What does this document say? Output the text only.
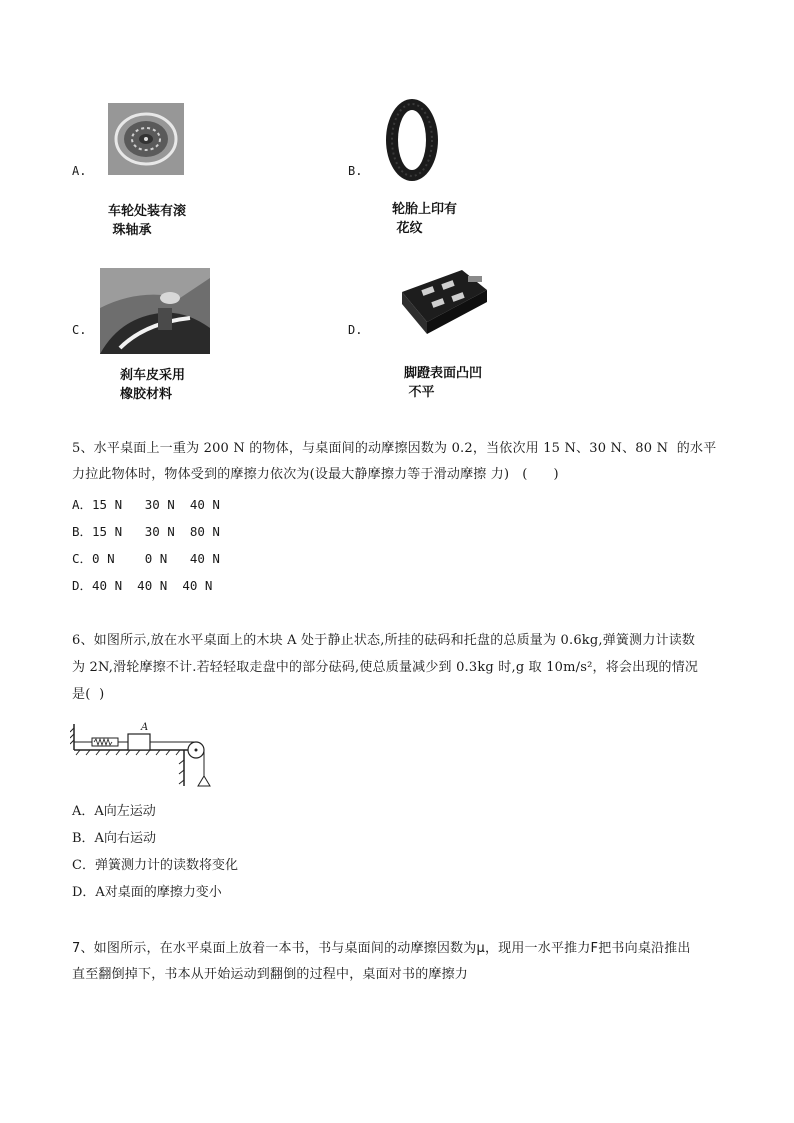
A.
车轮处装有滚
珠轴承
B.
轮胎上印有
花纹
C.
刹车皮采用
橡胶材料
D.
脚蹬表面凸凹
不平
5、水平桌面上一重为 200 N 的物体，与桌面间的动摩擦因数为 0.2，当依次用 15 N、30 N、80 N  的水平
力拉此物体时，物体受到的摩擦力依次为(设最大静摩擦力等于滑动摩擦 力)   (      )
A．15 N   30 N  40 N
B．15 N   30 N  80 N
C．0 N    0 N   40 N
D．40 N  40 N  40 N
6、如图所示,放在水平桌面上的木块 A 处于静止状态,所挂的砝码和托盘的总质量为 0.6kg,弹簧测力计读数
为 2N,滑轮摩擦不计.若轻轻取走盘中的部分砝码,使总质量减少到 0.3kg 时,g 取 10m/s²，将会出现的情况
是(  )
A
A．A向左运动
B．A向右运动
C．弹簧测力计的读数将变化
D．A对桌面的摩擦力变小
7、如图所示，在水平桌面上放着一本书，书与桌面间的动摩擦因数为μ，现用一水平推力F把书向桌沿推出
直至翻倒掉下，书本从开始运动到翻倒的过程中，桌面对书的摩擦力
